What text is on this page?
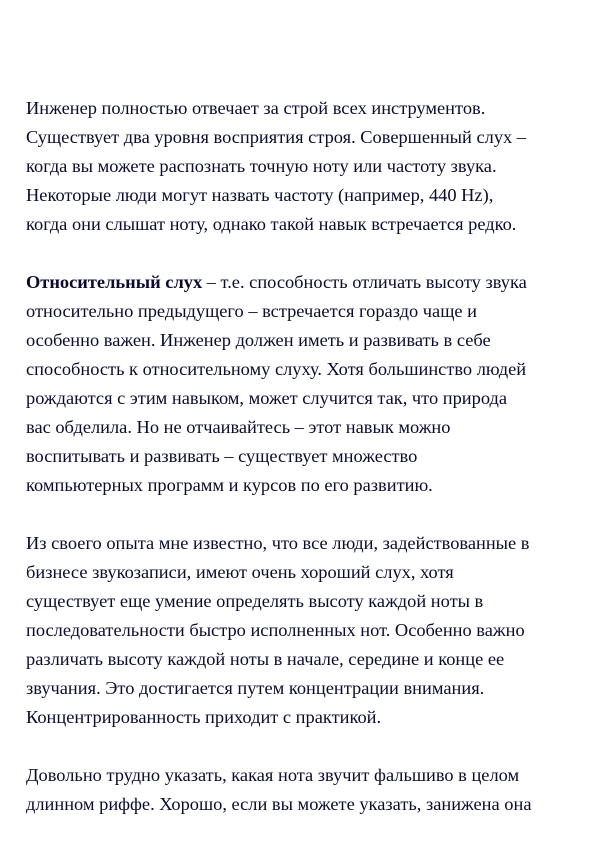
Инженер полностью отвечает за строй всех инструментов.
Существует два уровня восприятия строя. Совершенный слух –
когда вы можете распознать точную ноту или частоту звука.
Некоторые люди могут назвать частоту (например, 440 Hz),
когда они слышат ноту, однако такой навык встречается редко.
Относительный слух – т.е. способность отличать высоту звука
относительно предыдущего – встречается гораздо чаще и
особенно важен. Инженер должен иметь и развивать в себе
способность к относительному слуху. Хотя большинство людей
рождаются с этим навыком, может случится так, что природа
вас обделила. Но не отчаивайтесь – этот навык можно
воспитывать и развивать – существует множество
компьютерных программ и курсов по его развитию.
Из своего опыта мне известно, что все люди, задействованные в
бизнесе звукозаписи, имеют очень хороший слух, хотя
существует еще умение определять высоту каждой ноты в
последовательности быстро исполненных нот. Особенно важно
различать высоту каждой ноты в начале, середине и конце ее
звучания. Это достигается путем концентрации внимания.
Концентрированность приходит с практикой.
Довольно трудно указать, какая нота звучит фальшиво в целом
длинном риффе. Хорошо, если вы можете указать, занижена она
